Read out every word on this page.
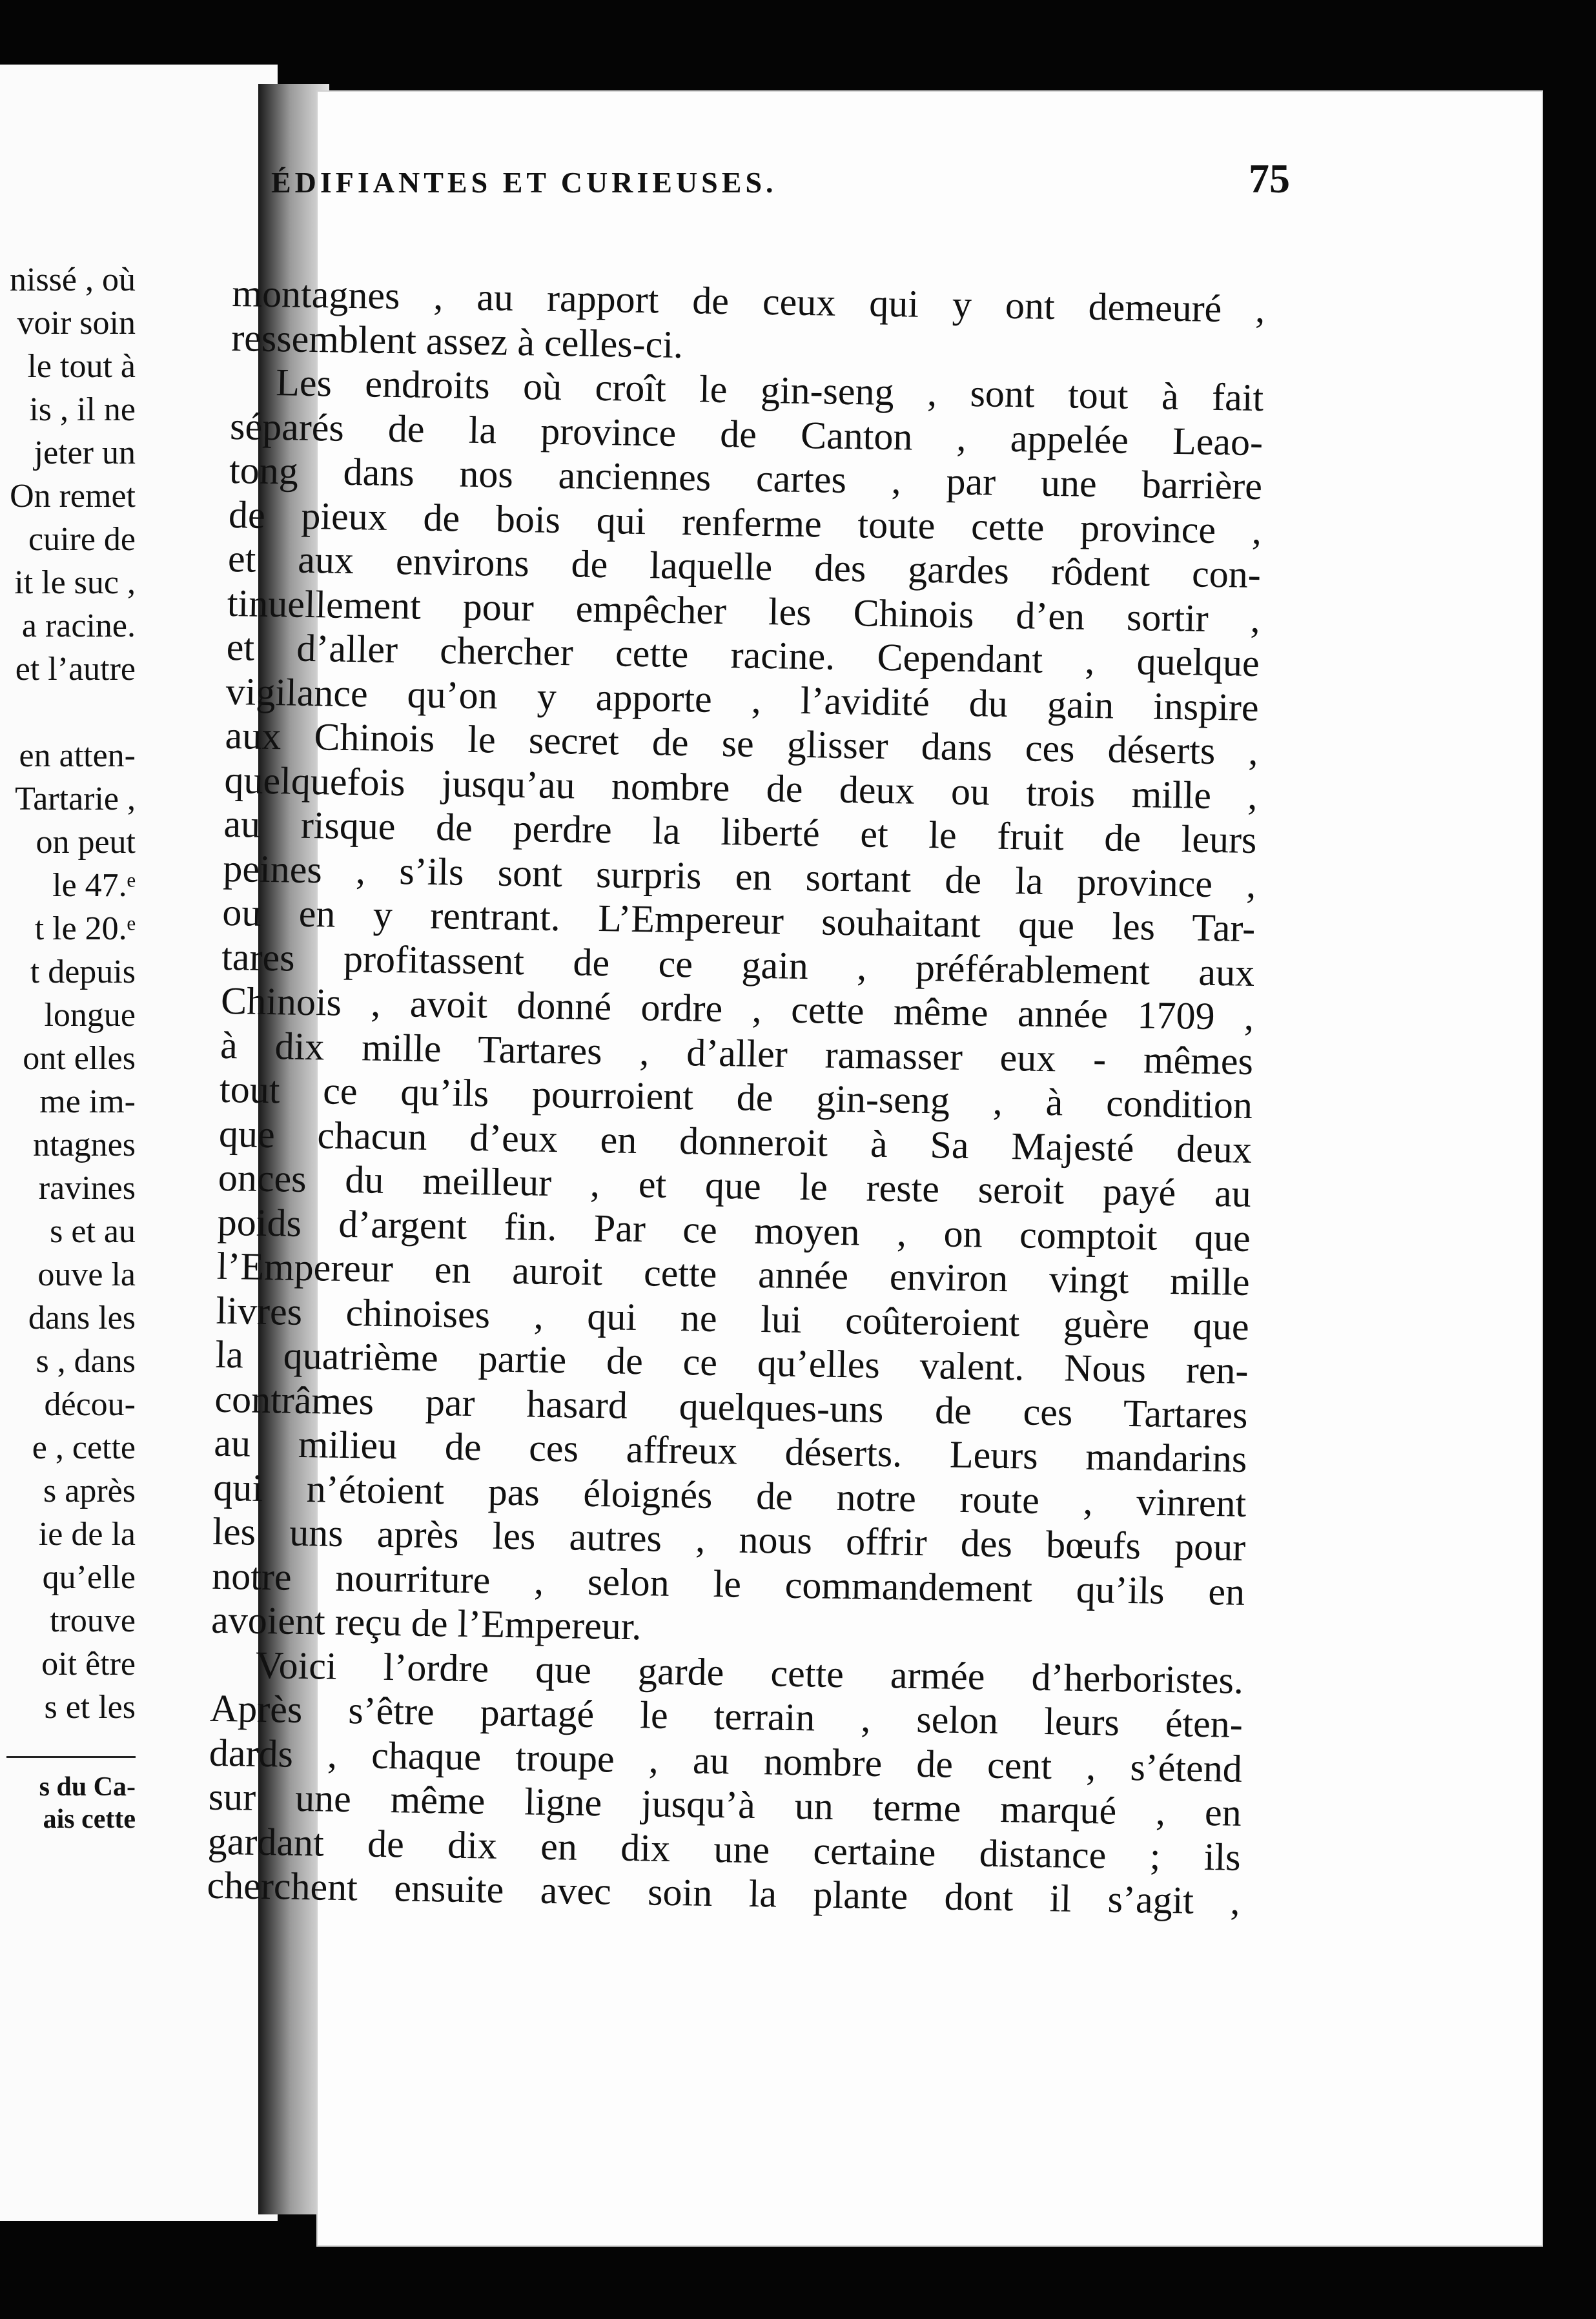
nissé , où
voir soin
le tout à
is , il ne
jeter un
On remet
cuire de
it le suc ,
a racine.
et l’autre

en atten-
Tartarie ,
on peut
le 47.ᵉ
t le 20.ᵉ
t depuis
longue
ont elles
me im-
ntagnes
ravines
s et au
ouve la
dans les
s , dans
décou-
e , cette
s après
ie de la
qu’elle
trouve
oit être
s et les
s du Ca-
ais cette
ÉDIFIANTES ET CURIEUSES.	75
montagnes , au rapport de ceux qui y ont demeuré ,
ressemblent assez à celles-ci.
Les endroits où croît le gin-seng , sont tout à fait
séparés de la province de Canton , appelée Leao-
tong dans nos anciennes cartes , par une barrière
de pieux de bois qui renferme toute cette province ,
et aux environs de laquelle des gardes rôdent con-
tinuellement pour empêcher les Chinois d’en sortir ,
et d’aller chercher cette racine. Cependant , quelque
vigilance qu’on y apporte , l’avidité du gain inspire
aux Chinois le secret de se glisser dans ces déserts ,
quelquefois jusqu’au nombre de deux ou trois mille ,
au risque de perdre la liberté et le fruit de leurs
peines , s’ils sont surpris en sortant de la province ,
ou en y rentrant. L’Empereur souhaitant que les Tar-
tares profitassent de ce gain , préférablement aux
Chinois , avoit donné ordre , cette même année 1709 ,
à dix mille Tartares , d’aller ramasser eux - mêmes
tout ce qu’ils pourroient de gin-seng , à condition
que chacun d’eux en donneroit à Sa Majesté deux
onces du meilleur , et que le reste seroit payé au
poids d’argent fin. Par ce moyen , on comptoit que
l’Empereur en auroit cette année environ vingt mille
livres chinoises , qui ne lui coûteroient guère que
la quatrième partie de ce qu’elles valent. Nous ren-
contrâmes par hasard quelques-uns de ces Tartares
au milieu de ces affreux déserts. Leurs mandarins
qui n’étoient pas éloignés de notre route , vinrent
les uns après les autres , nous offrir des bœufs pour
notre nourriture , selon le commandement qu’ils en
avoient reçu de l’Empereur.
Voici l’ordre que garde cette armée d’herboristes.
Après s’être partagé le terrain , selon leurs éten-
dards , chaque troupe , au nombre de cent , s’étend
sur une même ligne jusqu’à un terme marqué , en
gardant de dix en dix une certaine distance ; ils
cherchent ensuite avec soin la plante dont il s’agit ,
